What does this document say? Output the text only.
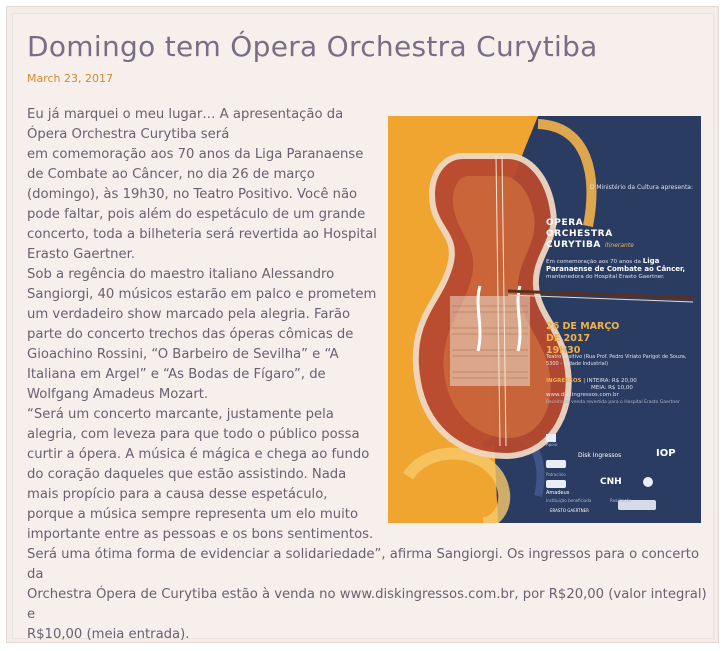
Domingo tem Ópera Orchestra Curytiba
March 23, 2017

Eu já marquei o meu lugar… A apresentação da

Ópera Orchestra Curytiba será

em comemoração aos 70 anos da Liga Paranaense

de Combate ao Câncer, no dia 26 de março

(domingo), às 19h30, no Teatro Positivo. Você não

pode faltar, pois além do espetáculo de um grande

concerto, toda a bilheteria será revertida ao Hospital

Erasto Gaertner.

Sob a regência do maestro italiano Alessandro

Sangiorgi, 40 músicos estarão em palco e prometem

um verdadeiro show marcado pela alegria. Farão

parte do concerto trechos das óperas cômicas de

Gioachino Rossini, “O Barbeiro de Sevilha” e “A

Italiana em Argel” e “As Bodas de Fígaro”, de

Wolfgang Amadeus Mozart.

“Será um concerto marcante, justamente pela

alegria, com leveza para que todo o público possa

curtir a ópera. A música é mágica e chega ao fundo

do coração daqueles que estão assistindo. Nada

mais propício para a causa desse espetáculo,

porque a música sempre representa um elo muito

importante entre as pessoas e os bons sentimentos.

O Ministério da Cultura apresenta:
OPERA
ORCHESTRA
CURYTIBA itinerante
Em comemoração aos 70 anos da Liga Paranaense de Combate ao Câncer, mantenedora do Hospital Erasto Gaertner.
26 DE MARÇO
DE 2017
19H30
Teatro Positivo (Rua Prof. Pedro Viriato Parigot de Souza, 5300 - Cidade Industrial)
INGRESSOS | INTEIRA: R$ 20,00
MEIA: R$ 10,00
www.diskingressos.com.br
Receita da venda revertida para o Hospital Erasto Gaertner
Apoio
Disk Ingressos	IOP
Patrocínio
CNH
Amadeus
Instituição beneficiada	Realização
ERASTO GAERTNER

Será uma ótima forma de evidenciar a solidariedade”, afirma Sangiorgi. Os ingressos para o concerto da

Orchestra Ópera de Curytiba estão à venda no www.diskingressos.com.br, por R$20,00 (valor integral) e

R$10,00 (meia entrada).
